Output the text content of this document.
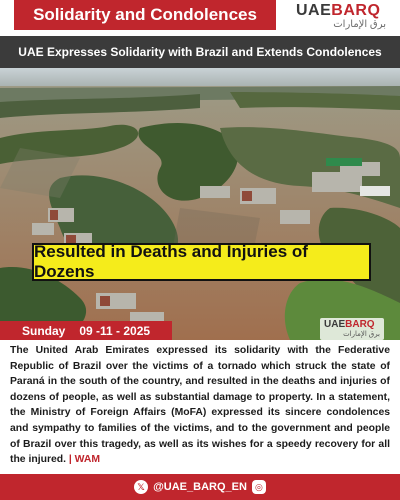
Solidarity and Condolences	UAEBARQ
برق الإمارات
UAE Expresses Solidarity with Brazil and Extends Condolences
Resulted in Deaths and Injuries of Dozens
Sunday 09 -11 - 2025	UAEBARQ
برق الإمارات
The United Arab Emirates expressed its solidarity with the Federative Republic of Brazil over the victims of a tornado which struck the state of Paraná in the south of the country, and resulted in the deaths and injuries of dozens of people, as well as substantial damage to property. In a statement, the Ministry of Foreign Affairs (MoFA) expressed its sincere condolences and sympathy to families of the victims, and to the government and people of Brazil over this tragedy, as well as its wishes for a speedy recovery for all the injured. | WAM
𝕏 @UAE_BARQ_EN ◎
